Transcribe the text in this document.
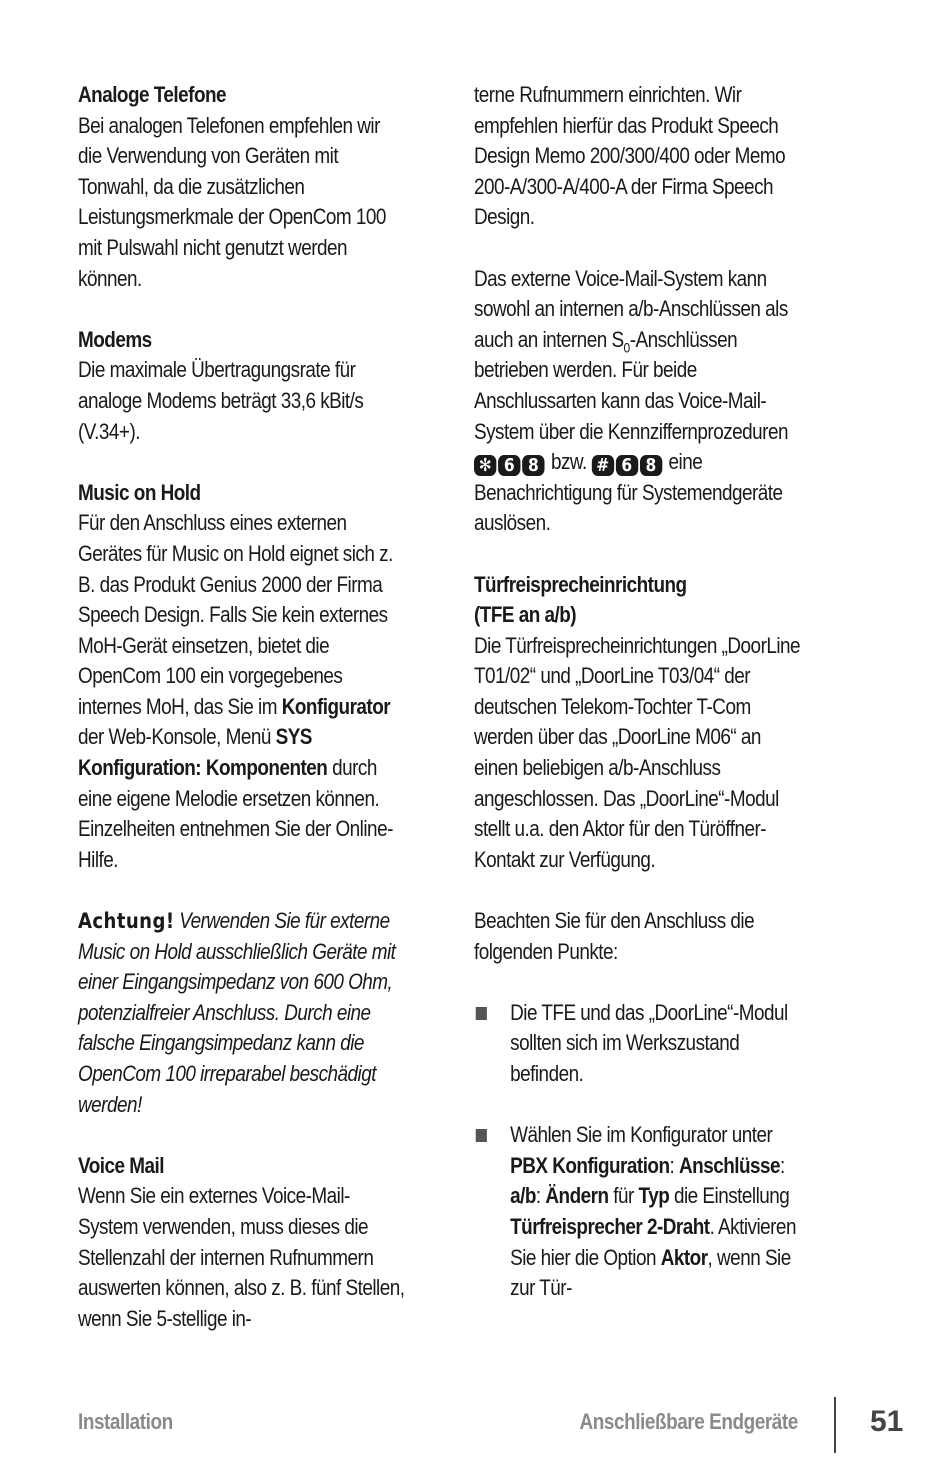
Analoge Telefone
Bei analogen Telefonen empfehlen wir die Verwendung von Geräten mit Tonwahl, da die zusätzlichen Leistungsmerkmale der OpenCom 100 mit Pulswahl nicht genutzt werden können.

Modems
Die maximale Übertragungsrate für analoge Modems beträgt 33,6 kBit/s (V.34+).

Music on Hold
Für den Anschluss eines externen Gerätes für Music on Hold eignet sich z. B. das Produkt Genius 2000 der Firma Speech Design. Falls Sie kein externes MoH-Gerät einsetzen, bietet die OpenCom 100 ein vorgegebenes internes MoH, das Sie im Konfigurator der Web-Konsole, Menü SYS Konfiguration: Komponenten durch eine eigene Melodie ersetzen können. Einzelheiten entnehmen Sie der Online-Hilfe.

Achtung! Verwenden Sie für externe Music on Hold ausschließlich Geräte mit einer Eingangsimpedanz von 600 Ohm, potenzialfreier Anschluss. Durch eine falsche Eingangsimpedanz kann die OpenCom 100 irreparabel beschädigt werden!

Voice Mail
Wenn Sie ein externes Voice-Mail-System verwenden, muss dieses die Stellenzahl der internen Rufnummern auswerten können, also z. B. fünf Stellen, wenn Sie 5-stellige in-

terne Rufnummern einrichten. Wir empfehlen hierfür das Produkt Speech Design Memo 200/300/400 oder Memo 200-A/300-A/400-A der Firma Speech Design.

Das externe Voice-Mail-System kann sowohl an internen a/b-Anschlüssen als auch an internen $S_0$-Anschlüssen betrieben werden. Für beide Anschlussarten kann das Voice-Mail-System über die Kennziffernprozeduren ✻ 6 8 bzw. # 6 8 eine Benachrichtigung für Systemendgeräte auslösen.

Türfreisprecheinrichtung
(TFE an a/b)
Die Türfreisprecheinrichtungen „DoorLine T01/02“ und „DoorLine T03/04“ der deutschen Telekom-Tochter T-Com werden über das „DoorLine M06“ an einen beliebigen a/b-Anschluss angeschlossen. Das „DoorLine“-Modul stellt u.a. den Aktor für den Türöffner-Kontakt zur Verfügung.

Beachten Sie für den Anschluss die folgenden Punkte:

Die TFE und das „DoorLine“-Modul sollten sich im Werkszustand befinden.
Wählen Sie im Konfigurator unter PBX Konfiguration: Anschlüsse: a/b: Ändern für Typ die Einstellung Türfreisprecher 2-Draht. Aktivieren Sie hier die Option Aktor, wenn Sie zur Tür-
Installation	Anschließbare Endgeräte 51
